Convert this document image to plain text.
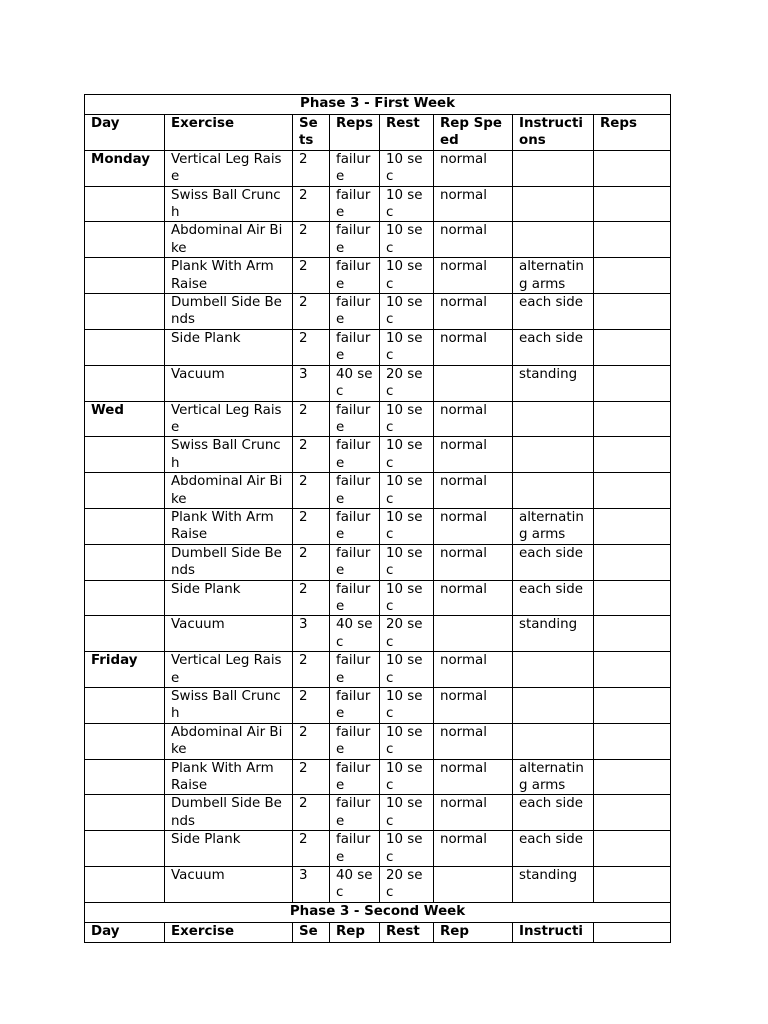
Phase 3 - First Week							
Day	Exercise	Sets	Reps	Rest	Rep Speed	Instructions	Reps
Monday	Vertical Leg Raise	2	failure	10 sec	normal		
	Swiss Ball Crunch	2	failure	10 sec	normal		
	Abdominal Air Bike	2	failure	10 sec	normal		
	Plank With Arm Raise	2	failure	10 sec	normal	alternating arms	
	Dumbell Side Bends	2	failure	10 sec	normal	each side	
	Side Plank	2	failure	10 sec	normal	each side	
	Vacuum	3	40 sec	20 sec		standing	
Wed	Vertical Leg Raise	2	failure	10 sec	normal		
	Swiss Ball Crunch	2	failure	10 sec	normal		
	Abdominal Air Bike	2	failure	10 sec	normal		
	Plank With Arm Raise	2	failure	10 sec	normal	alternating arms	
	Dumbell Side Bends	2	failure	10 sec	normal	each side	
	Side Plank	2	failure	10 sec	normal	each side	
	Vacuum	3	40 sec	20 sec		standing	
Friday	Vertical Leg Raise	2	failure	10 sec	normal		
	Swiss Ball Crunch	2	failure	10 sec	normal		
	Abdominal Air Bike	2	failure	10 sec	normal		
	Plank With Arm Raise	2	failure	10 sec	normal	alternating arms	
	Dumbell Side Bends	2	failure	10 sec	normal	each side	
	Side Plank	2	failure	10 sec	normal	each side	
	Vacuum	3	40 sec	20 sec		standing	
Phase 3 - Second Week							
Day	Exercise	Se	Rep	Rest	Rep	Instructi	
